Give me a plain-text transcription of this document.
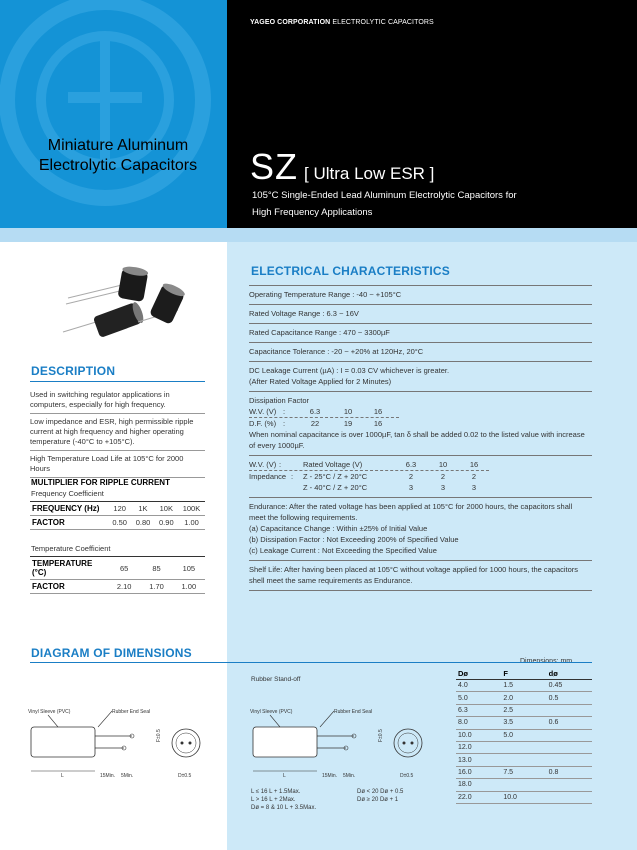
Miniature Aluminum
Electrolytic Capacitors
YAGEO CORPORATION ELECTROLYTIC CAPACITORS
SZ [ Ultra Low ESR ]
105°C Single-Ended Lead Aluminum Electrolytic Capacitors for
High Frequency Applications
DESCRIPTION
Used in switching regulator applications in computers, especially for high frequency.
Low impedance and ESR, high permissible ripple current at high frequency and higher operating temperature (-40°C to +105°C).
High Temperature Load Life at 105°C for 2000 Hours
MULTIPLIER FOR RIPPLE CURRENT
Frequency Coefficient
FREQUENCY (Hz)	120	1K	10K	100K
FACTOR	0.50	0.80	0.90	1.00
Temperature Coefficient
TEMPERATURE (°C)	65	85	105
FACTOR	2.10	1.70	1.00
ELECTRICAL CHARACTERISTICS
Operating Temperature Range : -40 ~ +105°C
Rated Voltage Range : 6.3 ~ 16V
Rated Capacitance Range : 470 ~ 3300µF
Capacitance Tolerance : -20 ~ +20% at 120Hz, 20°C
DC Leakage Current (µA) : I = 0.03 CV whichever is greater.
(After Rated Voltage Applied for 2 Minutes)
Dissipation Factor
W.V. (V) :	6.3	10	16
D.F. (%) :	22	19	16
When nominal capacitance is over 1000µF, tan δ shall be added 0.02 to the listed value with increase
of every 1000µF.
W.V. (V) :	Rated Voltage (V)	6.3	10	16
Impedance :	Z - 25°C / Z + 20°C	2	2	2
Z - 40°C / Z + 20°C	3	3	3
Endurance: After the rated voltage has been applied at 105°C for 2000 hours, the capacitors shall
meet the following requirements.
(a) Capacitance Change : Within ±25% of Initial Value
(b) Dissipation Factor : Not Exceeding 200% of Specified Value
(c) Leakage Current : Not Exceeding the Specified Value
Shelf Life: After having been placed at 105°C without voltage applied for 1000 hours, the capacitors
shell meet the same requirements as Endurance.
DIAGRAM OF DIMENSIONS
Dimensions: mm
Rubber Stand-off
Vinyl Sleeve (PVC)	Rubber End Seal
L	15Min. 5Min.
F±0.5
D±0.5
Vinyl Sleeve (PVC)	Rubber End Seal
L	15Min. 5Min.
F±0.5
D±0.5
L ≤ 16 L + 1.5Max.
L > 16 L + 2Max.
Dø = 8 & 10 L + 3.5Max.
Dø < 20 Dø + 0.5
Dø ≥ 20 Dø + 1
Dø	F	dø
4.0	1.5	0.45
5.0	2.0	0.5
6.3	2.5	
8.0	3.5	0.6
10.0	5.0	
12.0		
13.0		
16.0	7.5	0.8
18.0		
22.0	10.0	
